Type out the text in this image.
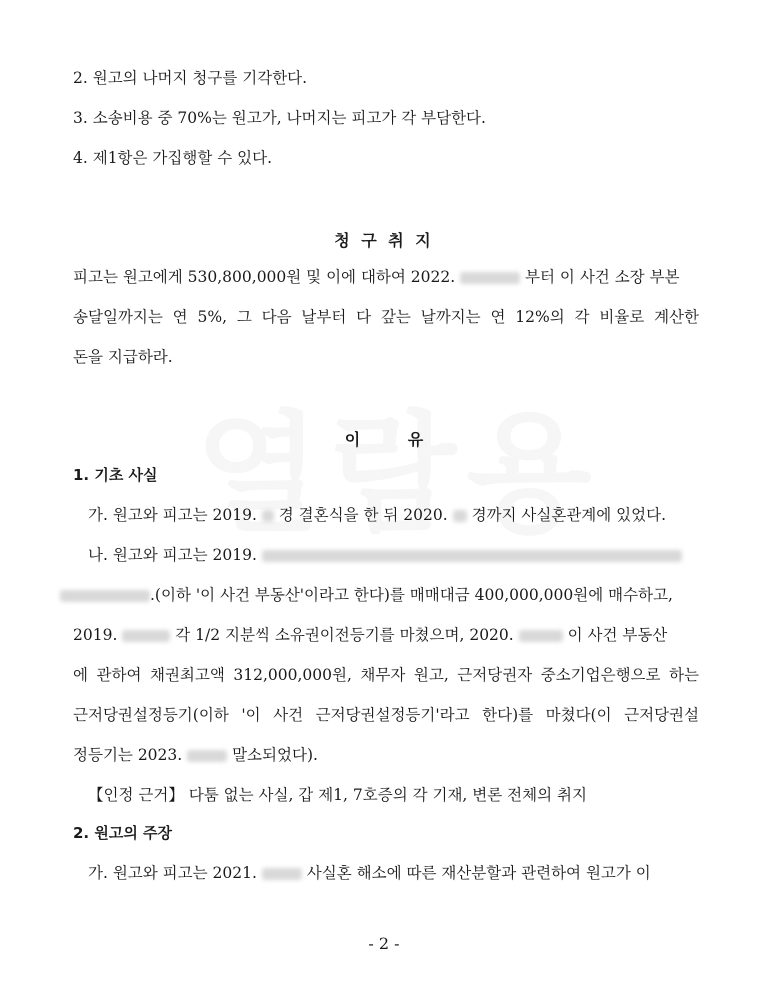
2. 원고의 나머지 청구를 기각한다.
3. 소송비용 중 70%는 원고가, 나머지는 피고가 각 부담한다.
4. 제1항은 가집행할 수 있다.
청 구 취 지
피고는 원고에게 530,800,000원 및 이에 대하여 2022.	부터 이 사건 소장 부본
송달일까지는 연 5%, 그 다음 날부터 다 갚는 날까지는 연 12%의 각 비율로 계산한
돈을 지급하라.
이 유
1. 기초 사실
가. 원고와 피고는 2019. 경 결혼식을 한 뒤 2020. 경까지 사실혼관계에 있었다.
나. 원고와 피고는 2019.
.(이하 '이 사건 부동산'이라고 한다)를 매매대금 400,000,000원에 매수하고,
2019.	각 1/2 지분씩 소유권이전등기를 마쳤으며, 2020.	이 사건 부동산
에 관하여 채권최고액 312,000,000원, 채무자 원고, 근저당권자 중소기업은행으로 하는
근저당권설정등기(이하 '이 사건 근저당권설정등기'라고 한다)를 마쳤다(이 근저당권설
정등기는 2023.	말소되었다).
【인정 근거】 다툼 없는 사실, 갑 제1, 7호증의 각 기재, 변론 전체의 취지
2. 원고의 주장
가. 원고와 피고는 2021.	사실혼 해소에 따른 재산분할과 관련하여 원고가 이
- 2 -
